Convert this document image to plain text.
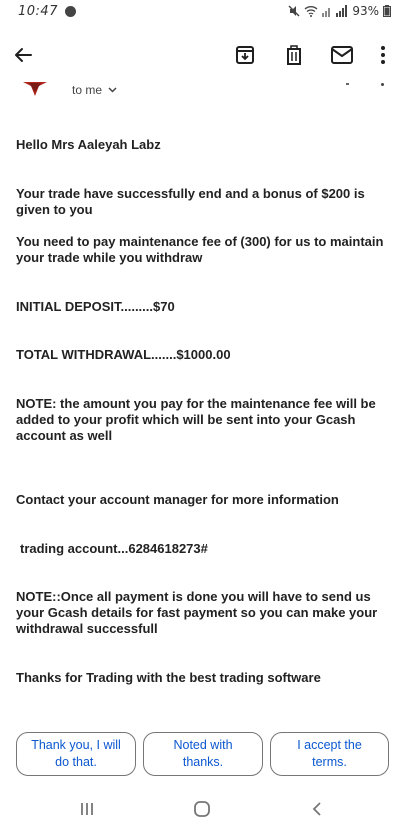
10:47	93%
to me
Hello Mrs Aaleyah Labz
Your trade have successfully end and a bonus of $200 is given to you
You need to pay maintenance fee of (300) for us to maintain your trade while you withdraw
INITIAL DEPOSIT.........$70
TOTAL WITHDRAWAL.......$1000.00
NOTE: the amount you pay for the maintenance fee will be added to your profit which will be sent into your Gcash account as well
Contact your account manager for more information
trading account...6284618273#
NOTE::Once all payment is done you will have to send us your Gcash details for fast payment so you can make your withdrawal successfull
Thanks for Trading with the best trading software
Thank you, I will do that.
Noted with thanks.
I accept the terms.
